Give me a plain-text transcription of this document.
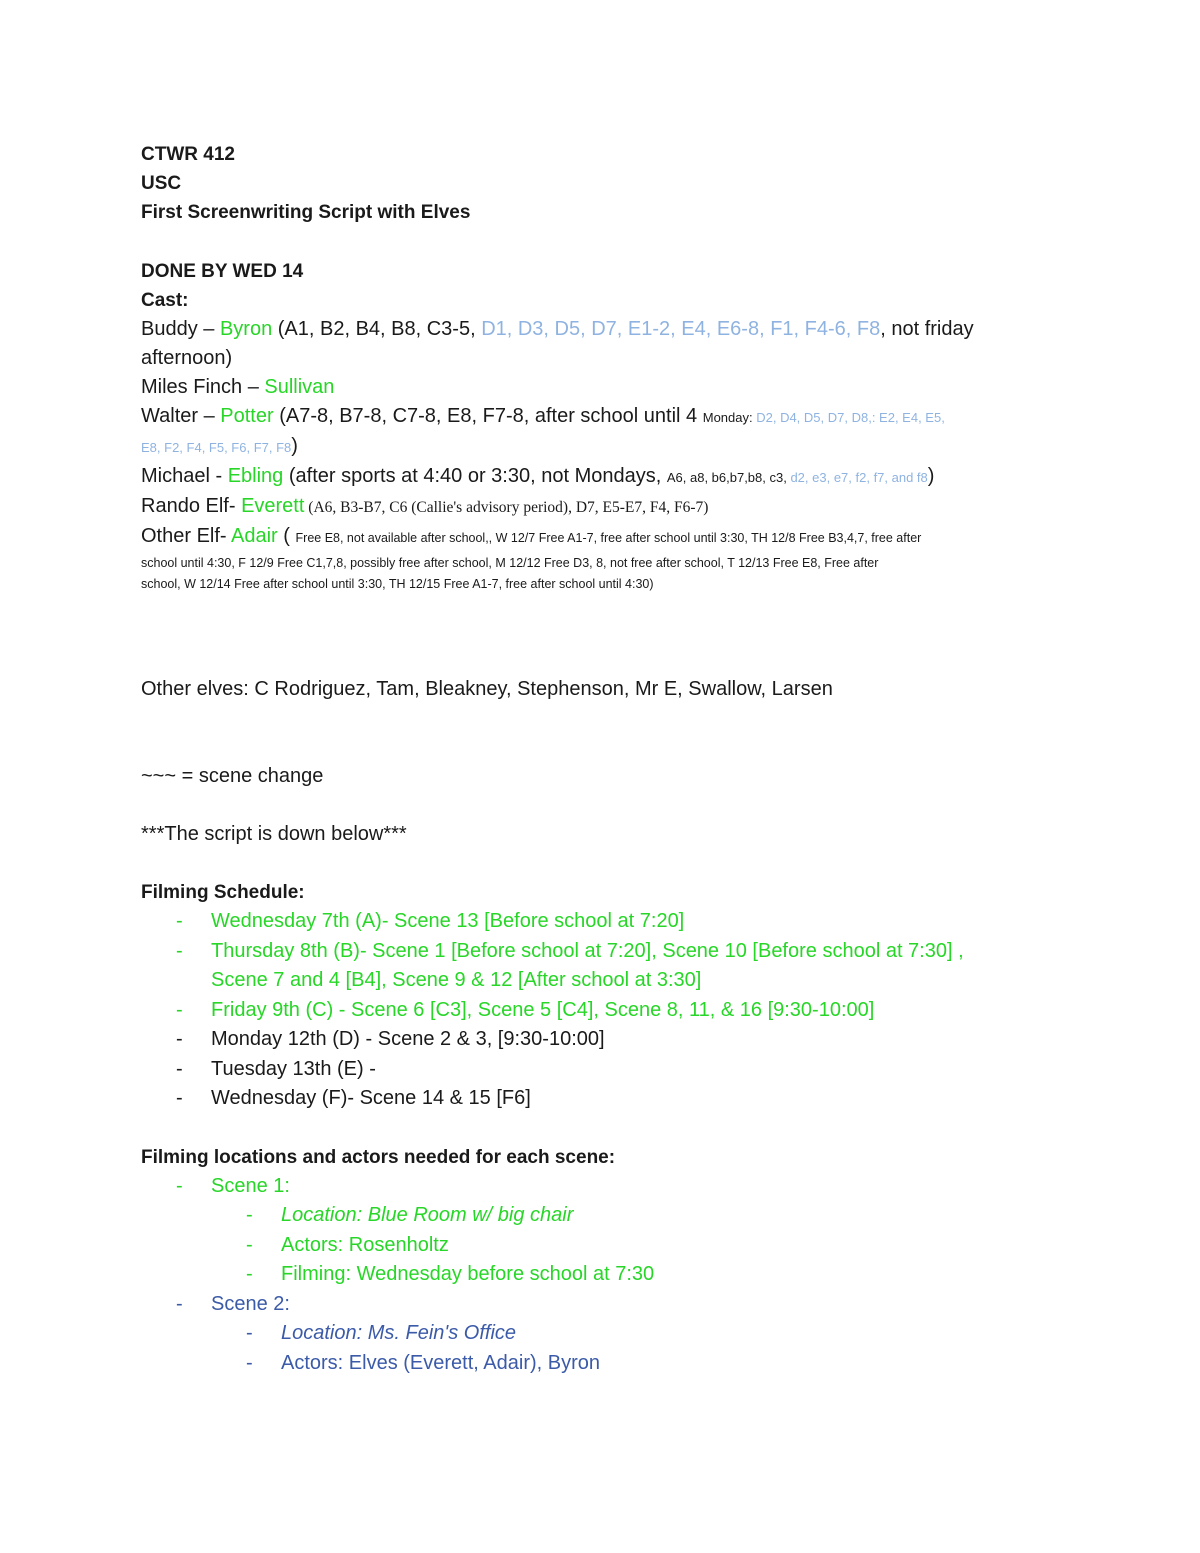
CTWR 412
USC
First Screenwriting Script with Elves
DONE BY WED 14
Cast:
Buddy – Byron (A1, B2, B4, B8, C3-5, D1, D3, D5, D7, E1-2, E4, E6-8, F1, F4-6, F8, not friday
afternoon)
Miles Finch – Sullivan
Walter – Potter (A7-8, B7-8, C7-8, E8, F7-8, after school until 4 Monday: D2, D4, D5, D7, D8,: E2, E4, E5,
E8, F2, F4, F5, F6, F7, F8)
Michael - Ebling (after sports at 4:40 or 3:30, not Mondays, A6, a8, b6,b7,b8, c3, d2, e3, e7, f2, f7, and f8)
Rando Elf- Everett (A6, B3-B7, C6 (Callie's advisory period), D7, E5-E7, F4, F6-7)
Other Elf- Adair ( Free E8, not available after school,, W 12/7 Free A1-7, free after school until 3:30, TH 12/8 Free B3,4,7, free after
school until 4:30, F 12/9 Free C1,7,8, possibly free after school, M 12/12 Free D3, 8, not free after school, T 12/13 Free E8, Free after
school, W 12/14 Free after school until 3:30, TH 12/15 Free A1-7, free after school until 4:30)
Other elves: C Rodriguez, Tam, Bleakney, Stephenson, Mr E, Swallow, Larsen
~~~ = scene change
***The script is down below***
Filming Schedule:
- Wednesday 7th (A)- Scene 13 [Before school at 7:20]
- Thursday 8th (B)- Scene 1 [Before school at 7:20], Scene 10 [Before school at 7:30] ,
Scene 7 and 4 [B4], Scene 9 & 12 [After school at 3:30]
- Friday 9th (C) - Scene 6 [C3], Scene 5 [C4], Scene 8, 11, & 16 [9:30-10:00]
- Monday 12th (D) - Scene 2 & 3, [9:30-10:00]
- Tuesday 13th (E) -
- Wednesday (F)- Scene 14 & 15 [F6]
Filming locations and actors needed for each scene:
- Scene 1:
- Location: Blue Room w/ big chair
- Actors: Rosenholtz
- Filming: Wednesday before school at 7:30
- Scene 2:
- Location: Ms. Fein's Office
- Actors: Elves (Everett, Adair), Byron
